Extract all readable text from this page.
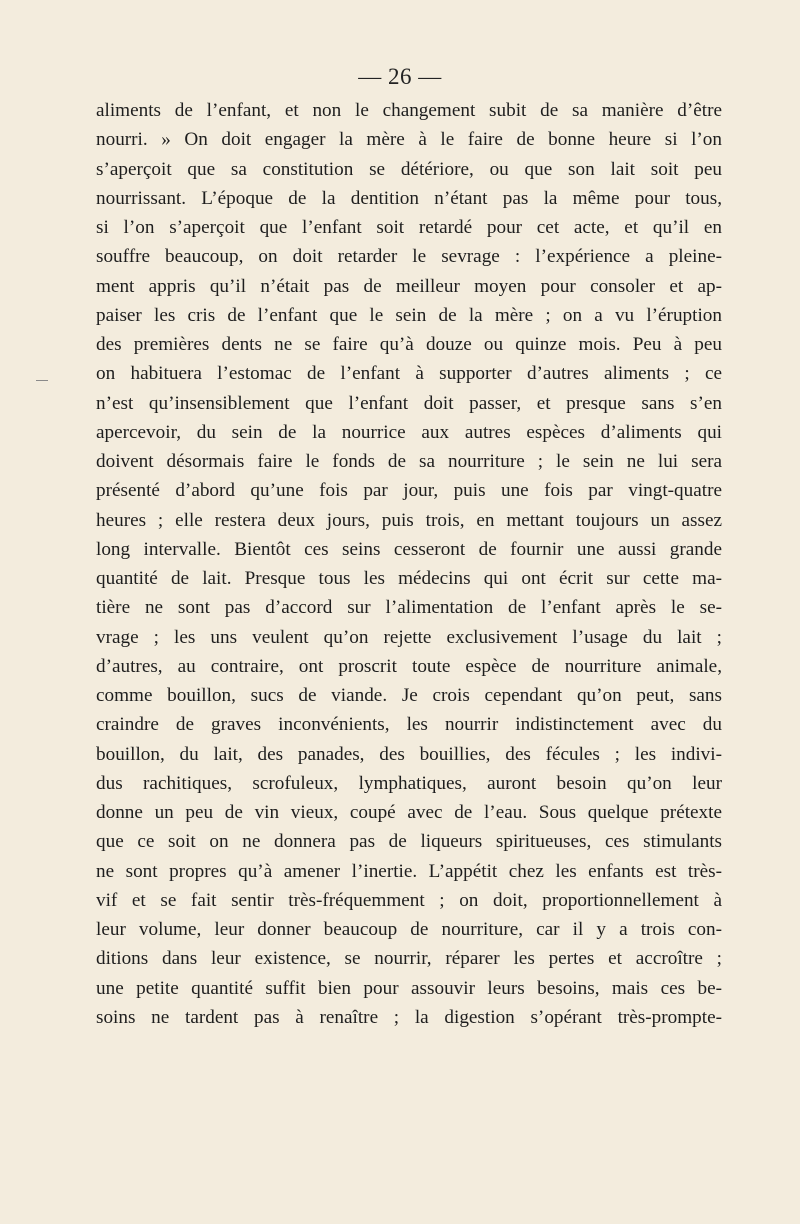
— 26 —
aliments de l’enfant, et non le changement subit de sa manière d’être
nourri. » On doit engager la mère à le faire de bonne heure si l’on
s’aperçoit que sa constitution se détériore, ou que son lait soit peu
nourrissant. L’époque de la dentition n’étant pas la même pour tous,
si l’on s’aperçoit que l’enfant soit retardé pour cet acte, et qu’il en
souffre beaucoup, on doit retarder le sevrage : l’expérience a pleine-
ment appris qu’il n’était pas de meilleur moyen pour consoler et ap-
paiser les cris de l’enfant que le sein de la mère ; on a vu l’éruption
des premières dents ne se faire qu’à douze ou quinze mois. Peu à peu
on habituera l’estomac de l’enfant à supporter d’autres aliments ; ce
n’est qu’insensiblement que l’enfant doit passer, et presque sans s’en
apercevoir, du sein de la nourrice aux autres espèces d’aliments qui
doivent désormais faire le fonds de sa nourriture ; le sein ne lui sera
présenté d’abord qu’une fois par jour, puis une fois par vingt-quatre
heures ; elle restera deux jours, puis trois, en mettant toujours un assez
long intervalle. Bientôt ces seins cesseront de fournir une aussi grande
quantité de lait. Presque tous les médecins qui ont écrit sur cette ma-
tière ne sont pas d’accord sur l’alimentation de l’enfant après le se-
vrage ; les uns veulent qu’on rejette exclusivement l’usage du lait ;
d’autres, au contraire, ont proscrit toute espèce de nourriture animale,
comme bouillon, sucs de viande. Je crois cependant qu’on peut, sans
craindre de graves inconvénients, les nourrir indistinctement avec du
bouillon, du lait, des panades, des bouillies, des fécules ; les indivi-
dus rachitiques, scrofuleux, lymphatiques, auront besoin qu’on leur
donne un peu de vin vieux, coupé avec de l’eau. Sous quelque prétexte
que ce soit on ne donnera pas de liqueurs spiritueuses, ces stimulants
ne sont propres qu’à amener l’inertie. L’appétit chez les enfants est très-
vif et se fait sentir très-fréquemment ; on doit, proportionnellement à
leur volume, leur donner beaucoup de nourriture, car il y a trois con-
ditions dans leur existence, se nourrir, réparer les pertes et accroître ;
une petite quantité suffit bien pour assouvir leurs besoins, mais ces be-
soins ne tardent pas à renaître ; la digestion s’opérant très-prompte-
